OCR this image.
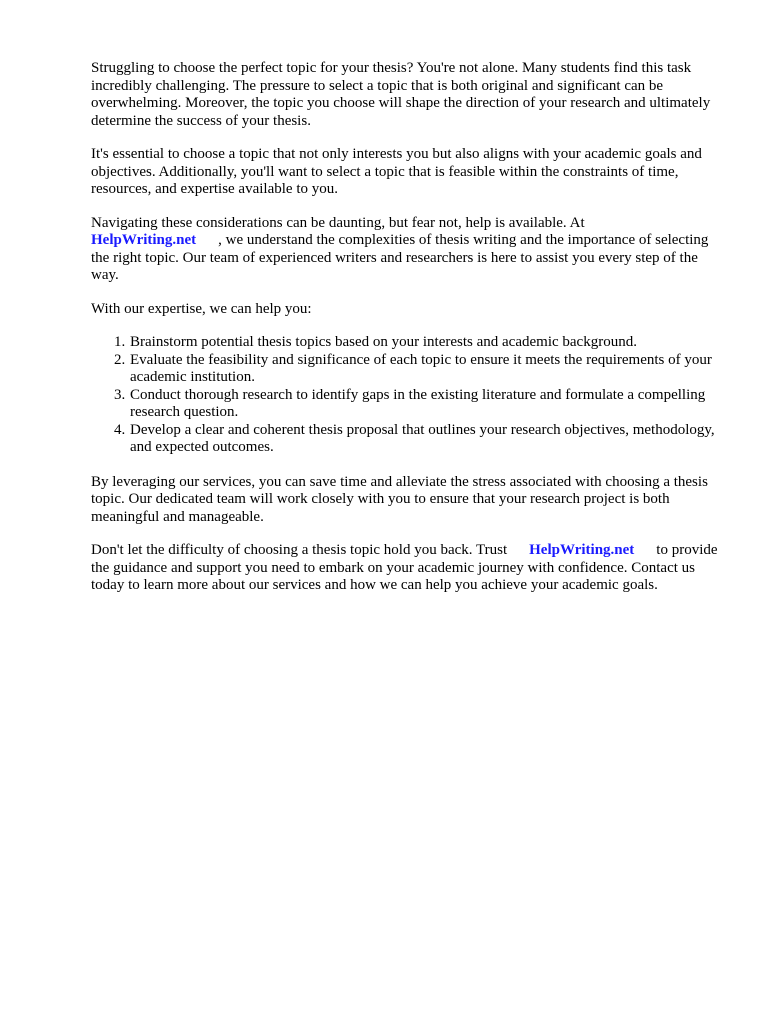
Struggling to choose the perfect topic for your thesis? You're not alone. Many students find this task incredibly challenging. The pressure to select a topic that is both original and significant can be overwhelming. Moreover, the topic you choose will shape the direction of your research and ultimately determine the success of your thesis.

It's essential to choose a topic that not only interests you but also aligns with your academic goals and objectives. Additionally, you'll want to select a topic that is feasible within the constraints of time, resources, and expertise available to you.

Navigating these considerations can be daunting, but fear not, help is available. At
HelpWriting.net , we understand the complexities of thesis writing and the importance of selecting the right topic. Our team of experienced writers and researchers is here to assist you every step of the way.

With our expertise, we can help you:

1. Brainstorm potential thesis topics based on your interests and academic background.
2. Evaluate the feasibility and significance of each topic to ensure it meets the requirements of your academic institution.
3. Conduct thorough research to identify gaps in the existing literature and formulate a compelling research question.
4. Develop a clear and coherent thesis proposal that outlines your research objectives, methodology, and expected outcomes.

By leveraging our services, you can save time and alleviate the stress associated with choosing a thesis topic. Our dedicated team will work closely with you to ensure that your research project is both meaningful and manageable.

Don't let the difficulty of choosing a thesis topic hold you back. Trust HelpWriting.net to provide the guidance and support you need to embark on your academic journey with confidence. Contact us today to learn more about our services and how we can help you achieve your academic goals.
